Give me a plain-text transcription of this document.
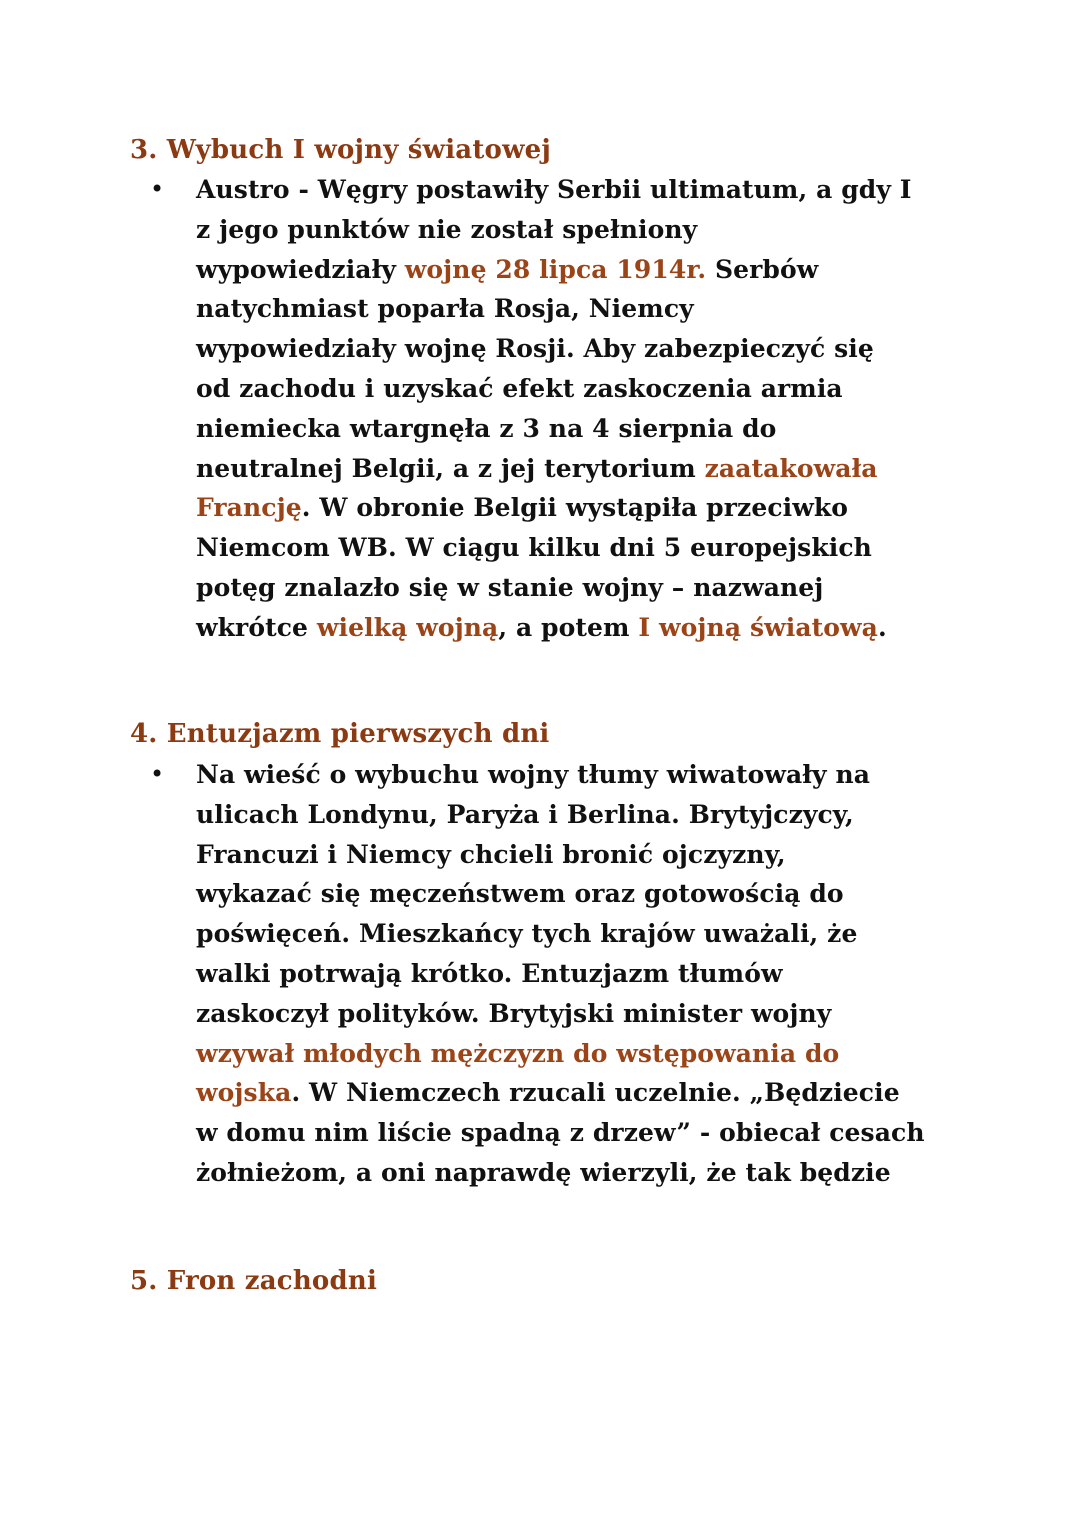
3. Wybuch I wojny światowej
•	Austro - Węgry postawiły Serbii ultimatum, a gdy I
z jego punktów nie został spełniony
wypowiedziały wojnę 28 lipca 1914r. Serbów
natychmiast poparła Rosja, Niemcy
wypowiedziały wojnę Rosji. Aby zabezpieczyć się
od zachodu i uzyskać efekt zaskoczenia armia
niemiecka wtargnęła z 3 na 4 sierpnia do
neutralnej Belgii, a z jej terytorium zaatakowała
Francję. W obronie Belgii wystąpiła przeciwko
Niemcom WB. W ciągu kilku dni 5 europejskich
potęg znalazło się w stanie wojny – nazwanej
wkrótce wielką wojną, a potem I wojną światową.
4. Entuzjazm pierwszych dni
•	Na wieść o wybuchu wojny tłumy wiwatowały na
ulicach Londynu, Paryża i Berlina. Brytyjczycy,
Francuzi i Niemcy chcieli bronić ojczyzny,
wykazać się męczeństwem oraz gotowością do
poświęceń. Mieszkańcy tych krajów uważali, że
walki potrwają krótko. Entuzjazm tłumów
zaskoczył polityków. Brytyjski minister wojny
wzywał młodych mężczyzn do wstępowania do
wojska. W Niemczech rzucali uczelnie. „Będziecie
w domu nim liście spadną z drzew” - obiecał cesach
żołnieżom, a oni naprawdę wierzyli, że tak będzie
5. Fron zachodni
